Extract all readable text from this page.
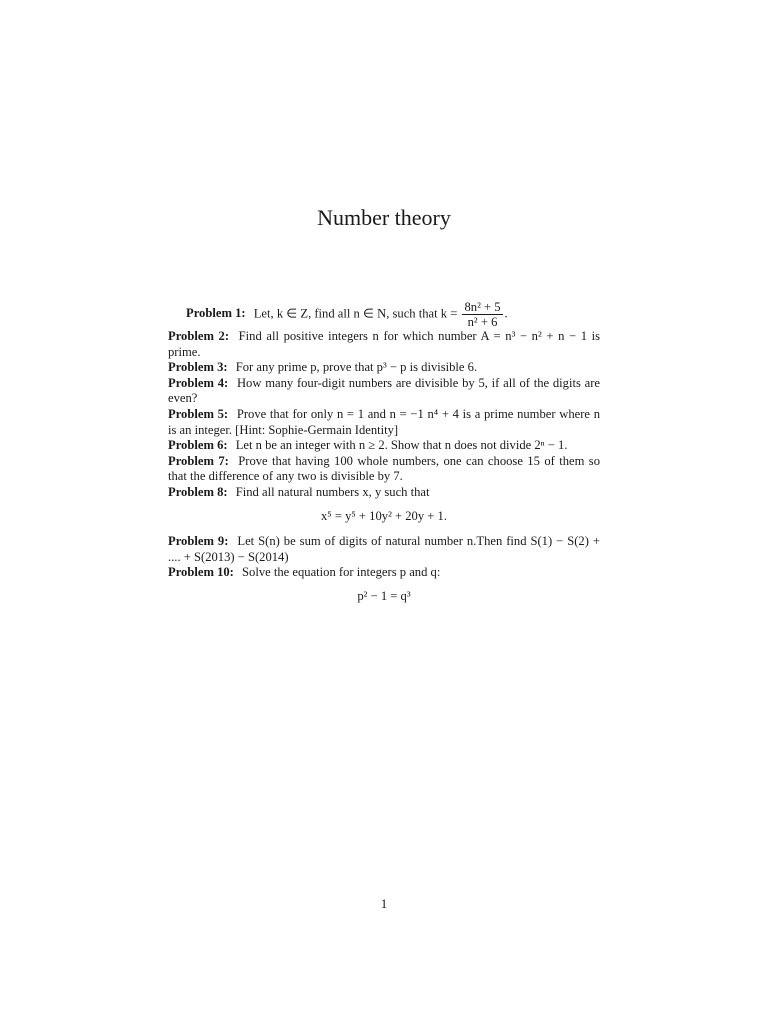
Number theory

Problem 1: Let, k ∈ Z, find all n ∈ N, such that $k = \frac{\text{8n² + 5}}{\text{n² + 6}}$ .

Problem 2: Find all positive integers n for which number A = n³ − n² + n − 1 is prime.

Problem 3: For any prime p, prove that p³ − p is divisible 6.

Problem 4: How many four-digit numbers are divisible by 5, if all of the digits are even?

Problem 5: Prove that for only n = 1 and n = −1 n⁴ + 4 is a prime number where n is an integer. [Hint: Sophie-Germain Identity]

Problem 6: Let n be an integer with n ≥ 2. Show that n does not divide 2ⁿ − 1.

Problem 7: Prove that having 100 whole numbers, one can choose 15 of them so that the difference of any two is divisible by 7.

Problem 8: Find all natural numbers x, y such that

x⁵ = y⁵ + 10y² + 20y + 1.

Problem 9: Let S(n) be sum of digits of natural number n.Then find S(1) − S(2) + .... + S(2013) − S(2014)

Problem 10: Solve the equation for integers p and q:

p² − 1 = q³
1
